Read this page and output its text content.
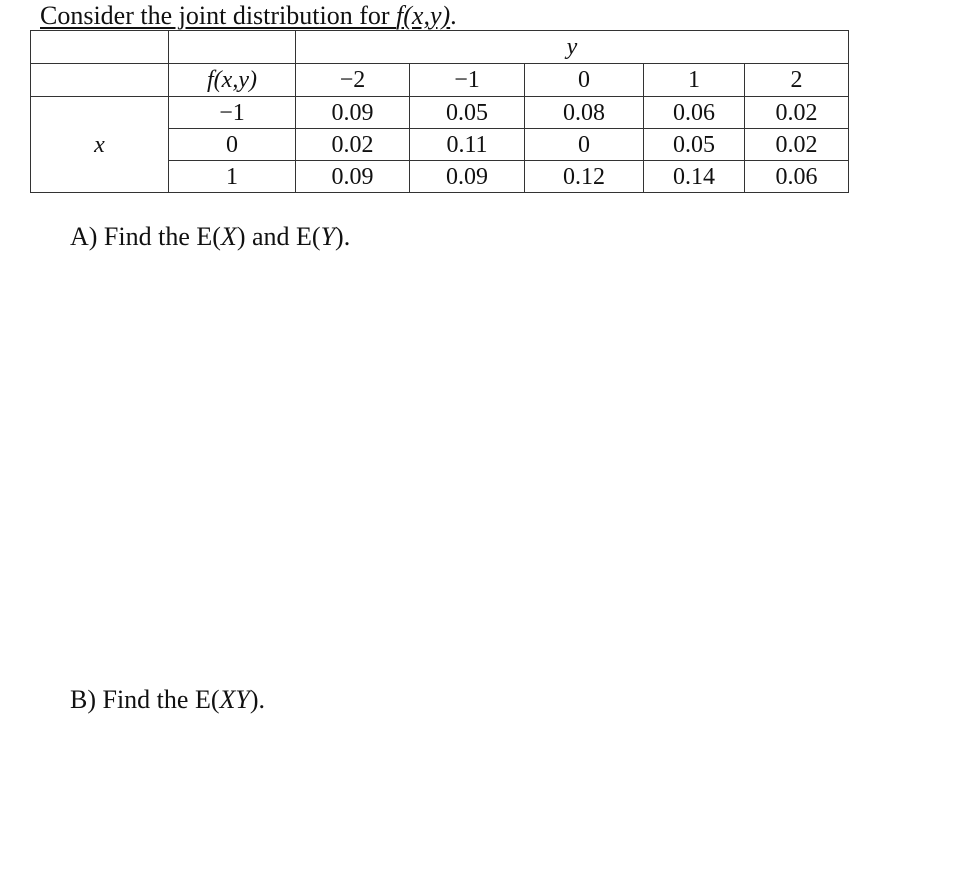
Consider the joint distribution for f(x,y).
		y				
	f(x,y)	−2	−1	0	1	2
x	−1	0.09	0.05	0.08	0.06	0.02
	0	0.02	0.11	0	0.05	0.02
	1	0.09	0.09	0.12	0.14	0.06
A) Find the E(X) and E(Y).
B) Find the E(XY).
